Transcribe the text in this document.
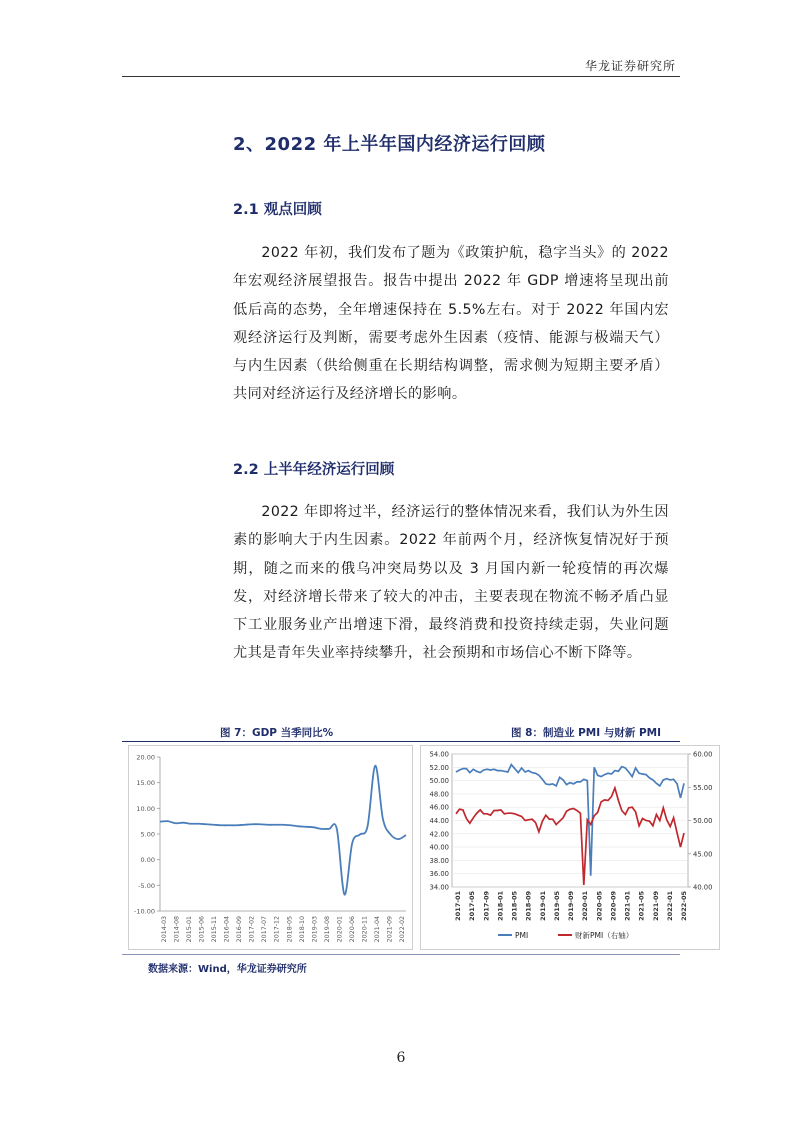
华龙证券研究所
2、2022 年上半年国内经济运行回顾
2.1 观点回顾
2022 年初，我们发布了题为《政策护航，稳字当头》的 2022 年宏观经济展望报告。报告中提出 2022 年 GDP 增速将呈现出前低后高的态势，全年增速保持在 5.5%左右。对于 2022 年国内宏观经济运行及判断，需要考虑外生因素（疫情、能源与极端天气）与内生因素（供给侧重在长期结构调整，需求侧为短期主要矛盾）共同对经济运行及经济增长的影响。
2.2 上半年经济运行回顾
2022 年即将过半，经济运行的整体情况来看，我们认为外生因素的影响大于内生因素。2022 年前两个月，经济恢复情况好于预期，随之而来的俄乌冲突局势以及 3 月国内新一轮疫情的再次爆发，对经济增长带来了较大的冲击，主要表现在物流不畅矛盾凸显下工业服务业产出增速下滑，最终消费和投资持续走弱，失业问题尤其是青年失业率持续攀升，社会预期和市场信心不断下降等。
图 7：GDP 当季同比%	图 8：制造业 PMI 与财新 PMI
20.00
15.00
10.00
5.00
0.00
-5.00
-10.00
2014-03 2014-08 2015-01 2015-06 2015-11 2016-04 2016-09 2017-02 2017-07 2017-12 2018-05 2018-10 2019-03 2019-08 2020-01 2020-06 2020-11 2021-04 2021-09 2022-02
54.00
52.00
50.00
48.00
46.00
44.00
42.00
40.00
38.00
36.00
34.00
60.00
55.00
50.00
45.00
40.00
2017-01 2017-05 2017-09 2018-01 2018-05 2018-09 2019-01 2019-05 2019-09 2020-01 2020-05 2020-09 2021-01 2021-05 2021-09 2022-01 2022-05
PMI	财新PMI（右轴）
数据来源：Wind，华龙证券研究所
6
